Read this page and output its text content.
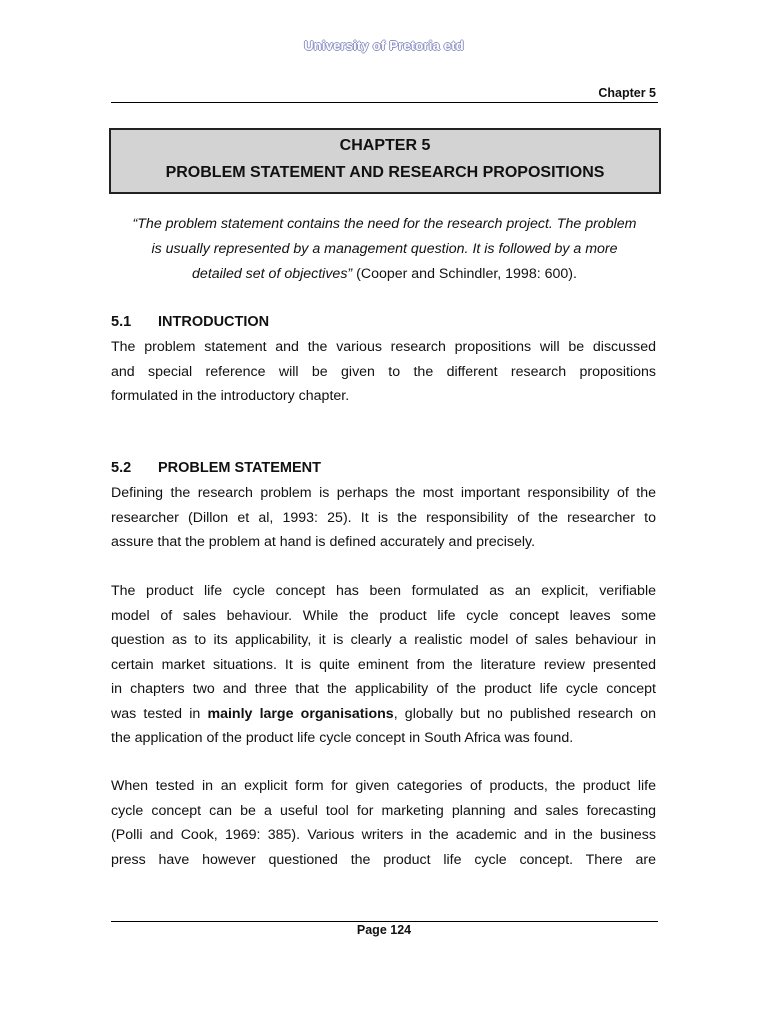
University of Pretoria etd
Chapter 5
CHAPTER 5
PROBLEM STATEMENT AND RESEARCH PROPOSITIONS
“The problem statement contains the need for the research project. The problem
is usually represented by a management question. It is followed by a more
detailed set of objectives” (Cooper and Schindler, 1998: 600).
5.1 INTRODUCTION
The problem statement and the various research propositions will be discussed
and special reference will be given to the different research propositions
formulated in the introductory chapter.
5.2 PROBLEM STATEMENT
Defining the research problem is perhaps the most important responsibility of the
researcher (Dillon et al, 1993: 25). It is the responsibility of the researcher to
assure that the problem at hand is defined accurately and precisely.
The product life cycle concept has been formulated as an explicit, verifiable
model of sales behaviour. While the product life cycle concept leaves some
question as to its applicability, it is clearly a realistic model of sales behaviour in
certain market situations. It is quite eminent from the literature review presented
in chapters two and three that the applicability of the product life cycle concept
was tested in mainly large organisations, globally but no published research on
the application of the product life cycle concept in South Africa was found.
When tested in an explicit form for given categories of products, the product life
cycle concept can be a useful tool for marketing planning and sales forecasting
(Polli and Cook, 1969: 385). Various writers in the academic and in the business
press have however questioned the product life cycle concept. There are
Page 124
